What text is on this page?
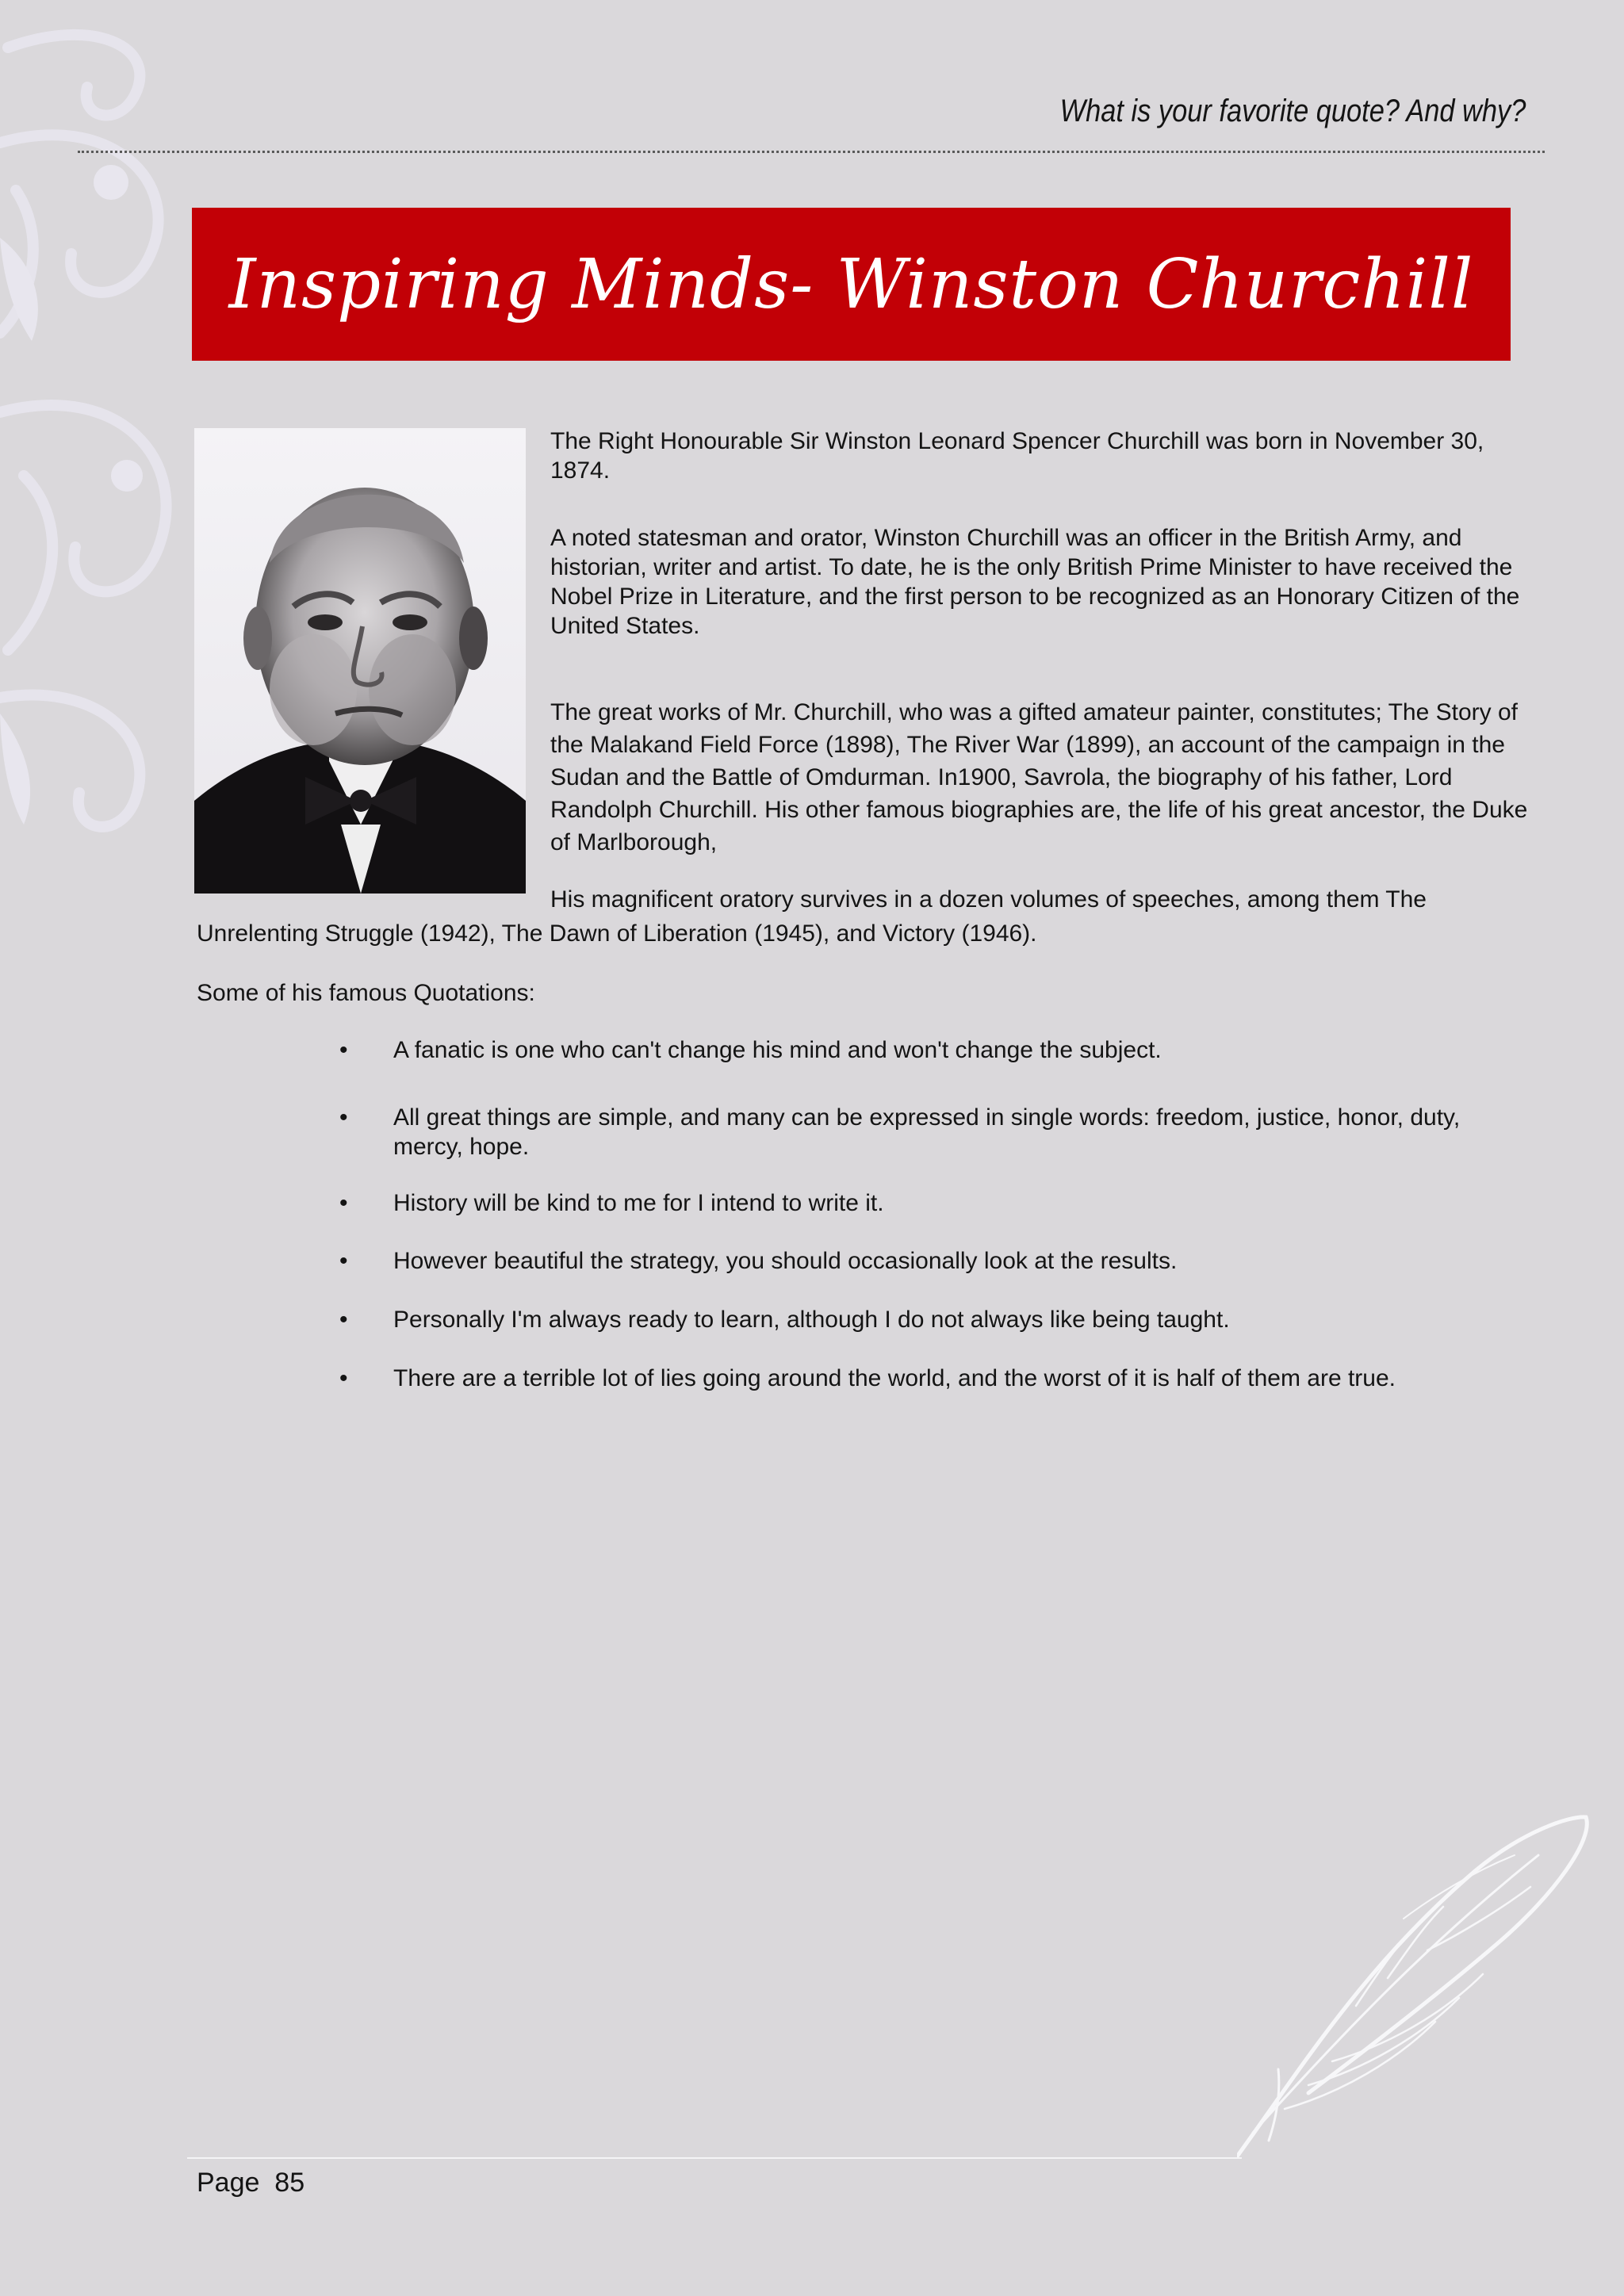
What is your favorite quote? And why?
Inspiring Minds- Winston Churchill
The Right Honourable Sir Winston Leonard Spencer Churchill was born in November 30, 1874.
A noted statesman and orator, Winston Churchill was an officer in the British Army, and historian, writer and artist. To date, he is the only British Prime Minister to have received the Nobel Prize in Literature, and the first person to be recognized as an Honorary Citizen of the United States.
The great works of Mr. Churchill, who was a gifted amateur painter, constitutes; The Story of the Malakand Field Force (1898), The River War (1899), an account of the campaign in the Sudan and the Battle of Omdurman. In1900, Savrola, the biography of his father, Lord Randolph Churchill. His other famous biographies are, the life of his great ancestor, the Duke of Marlborough,
His magnificent oratory survives in a dozen volumes of speeches, among them The
Unrelenting Struggle (1942), The Dawn of Liberation (1945), and Victory (1946).
Some of his famous Quotations:
•	A fanatic is one who can't change his mind and won't change the subject.
•	All great things are simple, and many can be expressed in single words: freedom, justice, honor, duty, mercy, hope.
•	History will be kind to me for I intend to write it.
•	However beautiful the strategy, you should occasionally look at the results.
•	Personally I'm always ready to learn, although I do not always like being taught.
•	There are a terrible lot of lies going around the world, and the worst of it is half of them are true.
Page  85
